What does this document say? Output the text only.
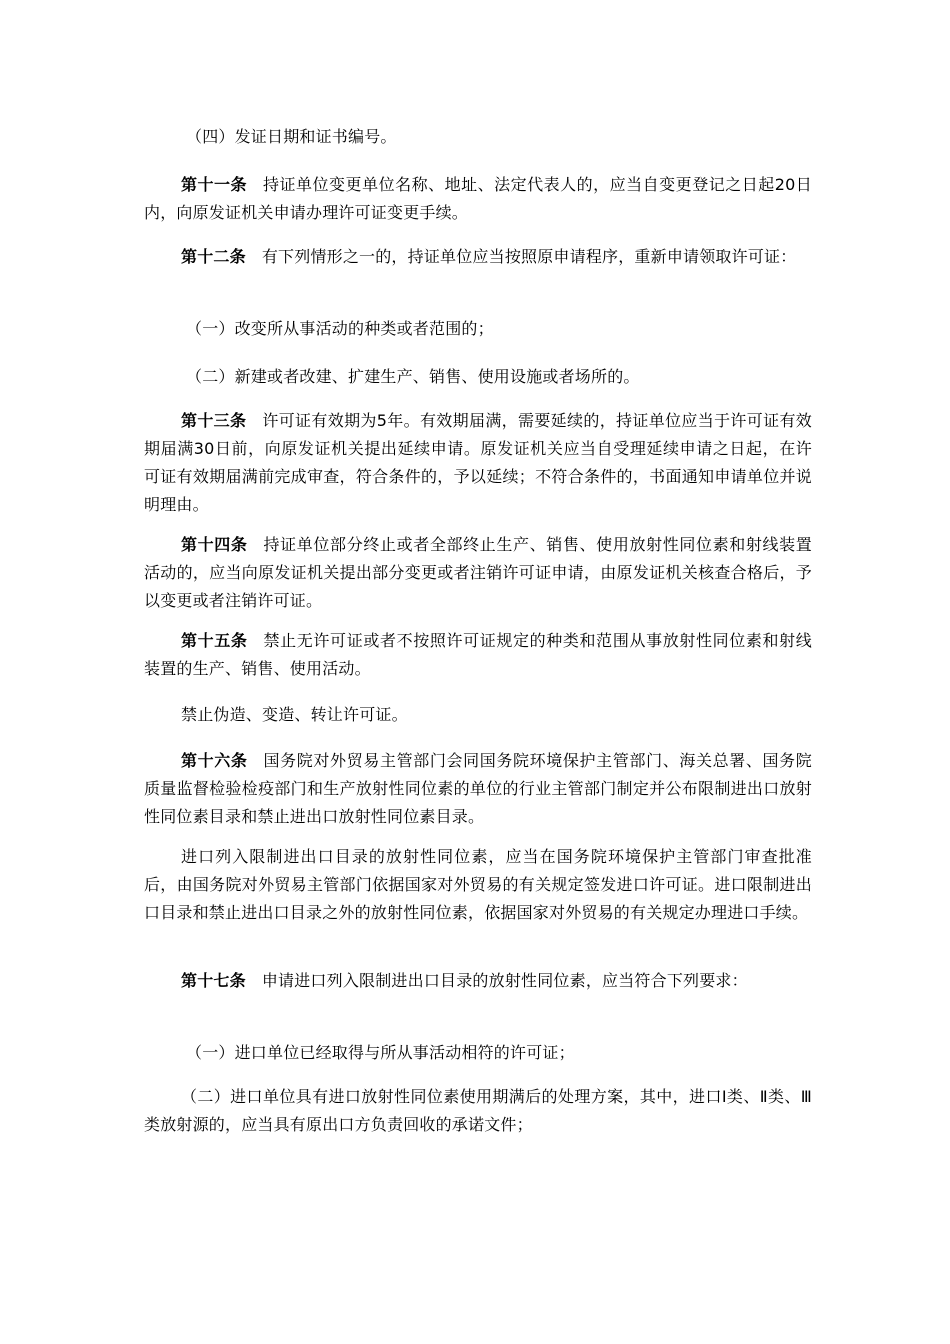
（四）发证日期和证书编号。

第十一条 持证单位变更单位名称、地址、法定代表人的，应当自变更登记之日起20日内，向原发证机关申请办理许可证变更手续。

第十二条 有下列情形之一的，持证单位应当按照原申请程序，重新申请领取许可证：

（一）改变所从事活动的种类或者范围的；

（二）新建或者改建、扩建生产、销售、使用设施或者场所的。

第十三条 许可证有效期为5年。有效期届满，需要延续的，持证单位应当于许可证有效期届满30日前，向原发证机关提出延续申请。原发证机关应当自受理延续申请之日起，在许可证有效期届满前完成审查，符合条件的，予以延续；不符合条件的，书面通知申请单位并说明理由。

第十四条 持证单位部分终止或者全部终止生产、销售、使用放射性同位素和射线装置活动的，应当向原发证机关提出部分变更或者注销许可证申请，由原发证机关核查合格后，予以变更或者注销许可证。

第十五条 禁止无许可证或者不按照许可证规定的种类和范围从事放射性同位素和射线装置的生产、销售、使用活动。

禁止伪造、变造、转让许可证。

第十六条 国务院对外贸易主管部门会同国务院环境保护主管部门、海关总署、国务院质量监督检验检疫部门和生产放射性同位素的单位的行业主管部门制定并公布限制进出口放射性同位素目录和禁止进出口放射性同位素目录。

进口列入限制进出口目录的放射性同位素，应当在国务院环境保护主管部门审查批准后，由国务院对外贸易主管部门依据国家对外贸易的有关规定签发进口许可证。进口限制进出口目录和禁止进出口目录之外的放射性同位素，依据国家对外贸易的有关规定办理进口手续。

第十七条 申请进口列入限制进出口目录的放射性同位素，应当符合下列要求：

（一）进口单位已经取得与所从事活动相符的许可证；

（二）进口单位具有进口放射性同位素使用期满后的处理方案，其中，进口Ⅰ类、Ⅱ类、Ⅲ类放射源的，应当具有原出口方负责回收的承诺文件；
